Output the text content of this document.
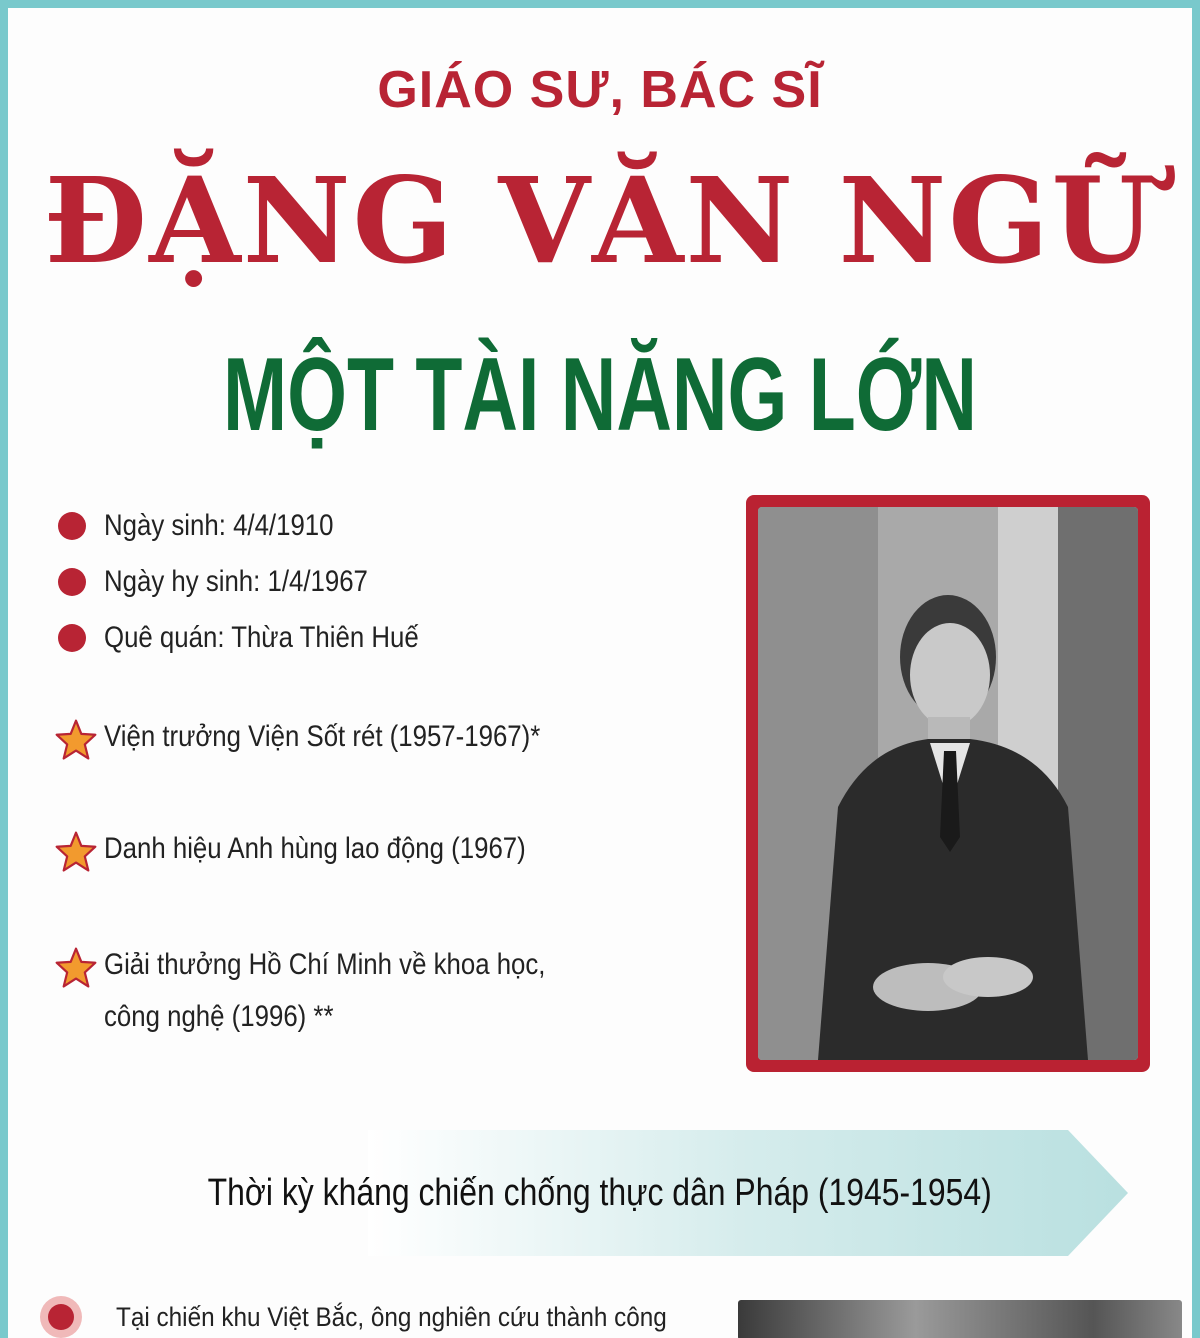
GIÁO SƯ, BÁC SĨ
ĐẶNG VĂN NGỮ
MỘT TÀI NĂNG LỚN
Ngày sinh: 4/4/1910
Ngày hy sinh: 1/4/1967
Quê quán: Thừa Thiên Huế
Viện trưởng Viện Sốt rét (1957-1967)*
Danh hiệu Anh hùng lao động (1967)
Giải thưởng Hồ Chí Minh về khoa học,
công nghệ (1996) **
Thời kỳ kháng chiến chống thực dân Pháp (1945-1954)
Tại chiến khu Việt Bắc, ông nghiên cứu thành công
